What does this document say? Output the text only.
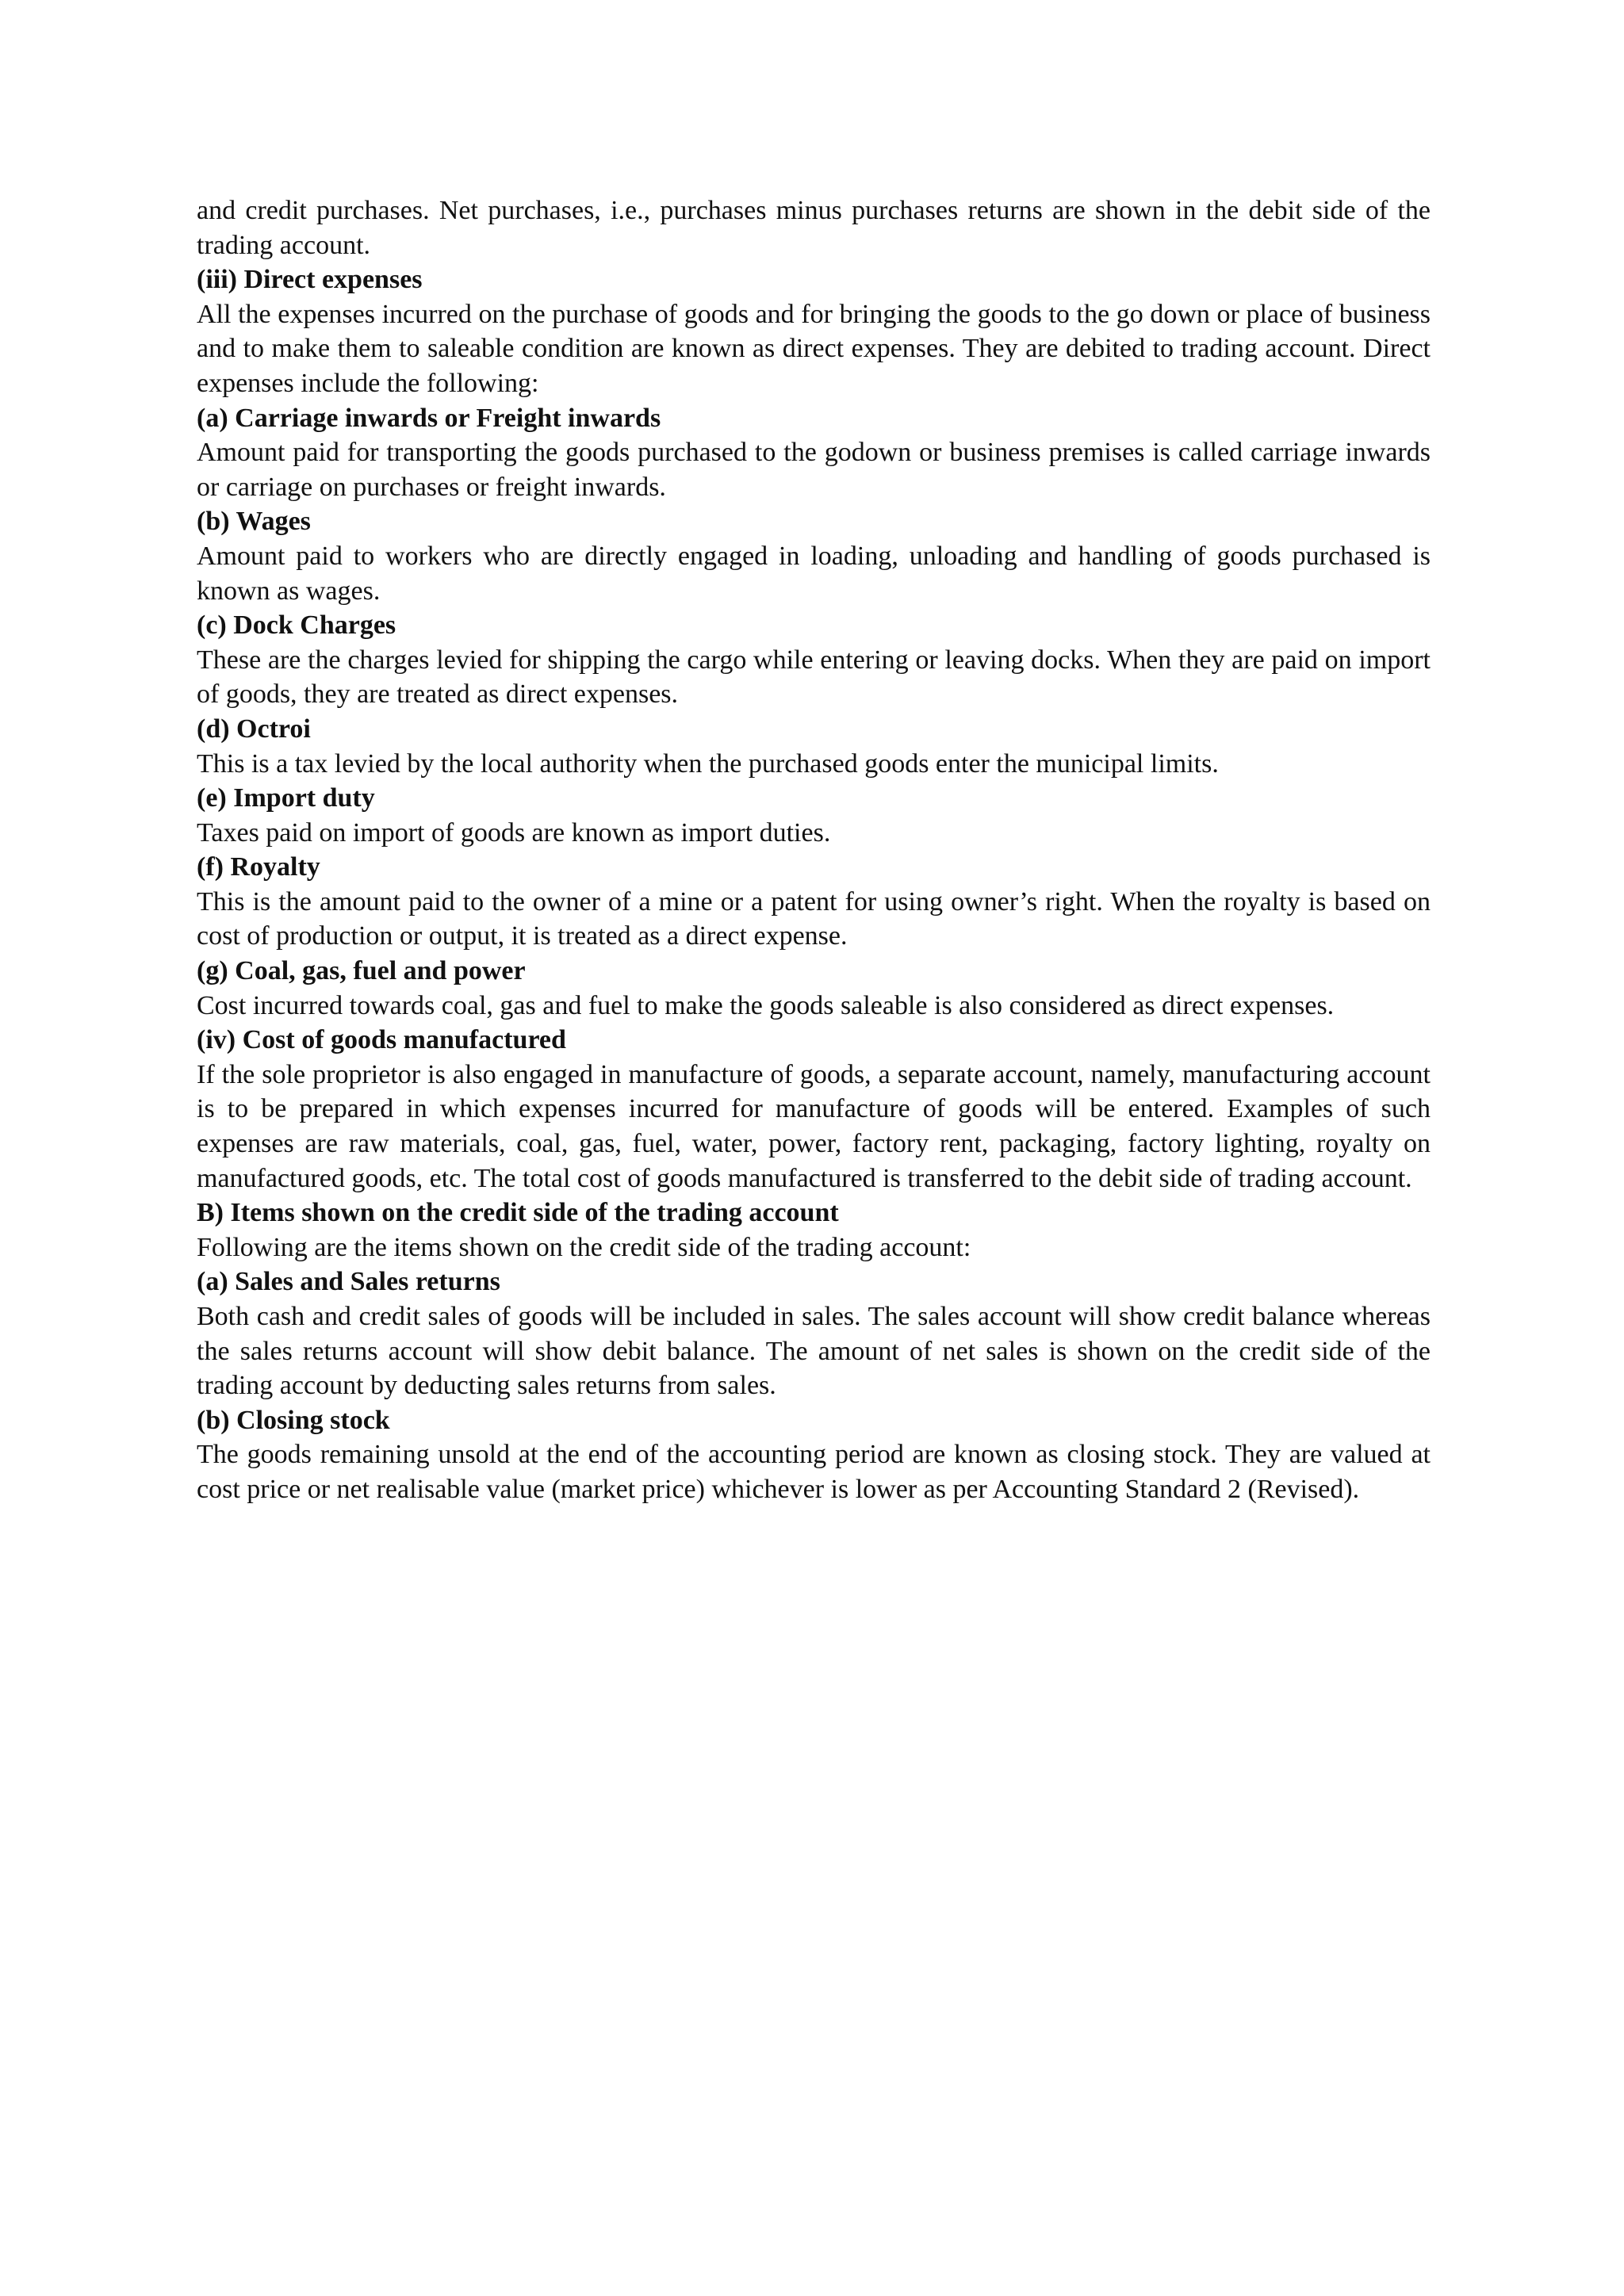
and credit purchases. Net purchases, i.e., purchases minus purchases returns are shown in the debit side of the trading account.

(iii) Direct expenses

All the expenses incurred on the purchase of goods and for bringing the goods to the go down or place of business and to make them to saleable condition are known as direct expenses. They are debited to trading account. Direct expenses include the following:

(a) Carriage inwards or Freight inwards

Amount paid for transporting the goods purchased to the godown or business premises is called carriage inwards or carriage on purchases or freight inwards.

(b) Wages

Amount paid to workers who are directly engaged in loading, unloading and handling of goods purchased is known as wages.

(c) Dock Charges

These are the charges levied for shipping the cargo while entering or leaving docks. When they are paid on import of goods, they are treated as direct expenses.

(d) Octroi

This is a tax levied by the local authority when the purchased goods enter the municipal limits.

(e) Import duty

Taxes paid on import of goods are known as import duties.

(f) Royalty

This is the amount paid to the owner of a mine or a patent for using owner’s right. When the royalty is based on cost of production or output, it is treated as a direct expense.

(g) Coal, gas, fuel and power

Cost incurred towards coal, gas and fuel to make the goods saleable is also considered as direct expenses.

(iv) Cost of goods manufactured

If the sole proprietor is also engaged in manufacture of goods, a separate account, namely, manufacturing account is to be prepared in which expenses incurred for manufacture of goods will be entered. Examples of such expenses are raw materials, coal, gas, fuel, water, power, factory rent, packaging, factory lighting, royalty on manufactured goods, etc. The total cost of goods manufactured is transferred to the debit side of trading account.

B) Items shown on the credit side of the trading account

Following are the items shown on the credit side of the trading account:

(a) Sales and Sales returns

Both cash and credit sales of goods will be included in sales. The sales account will show credit balance whereas the sales returns account will show debit balance. The amount of net sales is shown on the credit side of the trading account by deducting sales returns from sales.

(b) Closing stock

The goods remaining unsold at the end of the accounting period are known as closing stock. They are valued at cost price or net realisable value (market price) whichever is lower as per Accounting Standard 2 (Revised).
